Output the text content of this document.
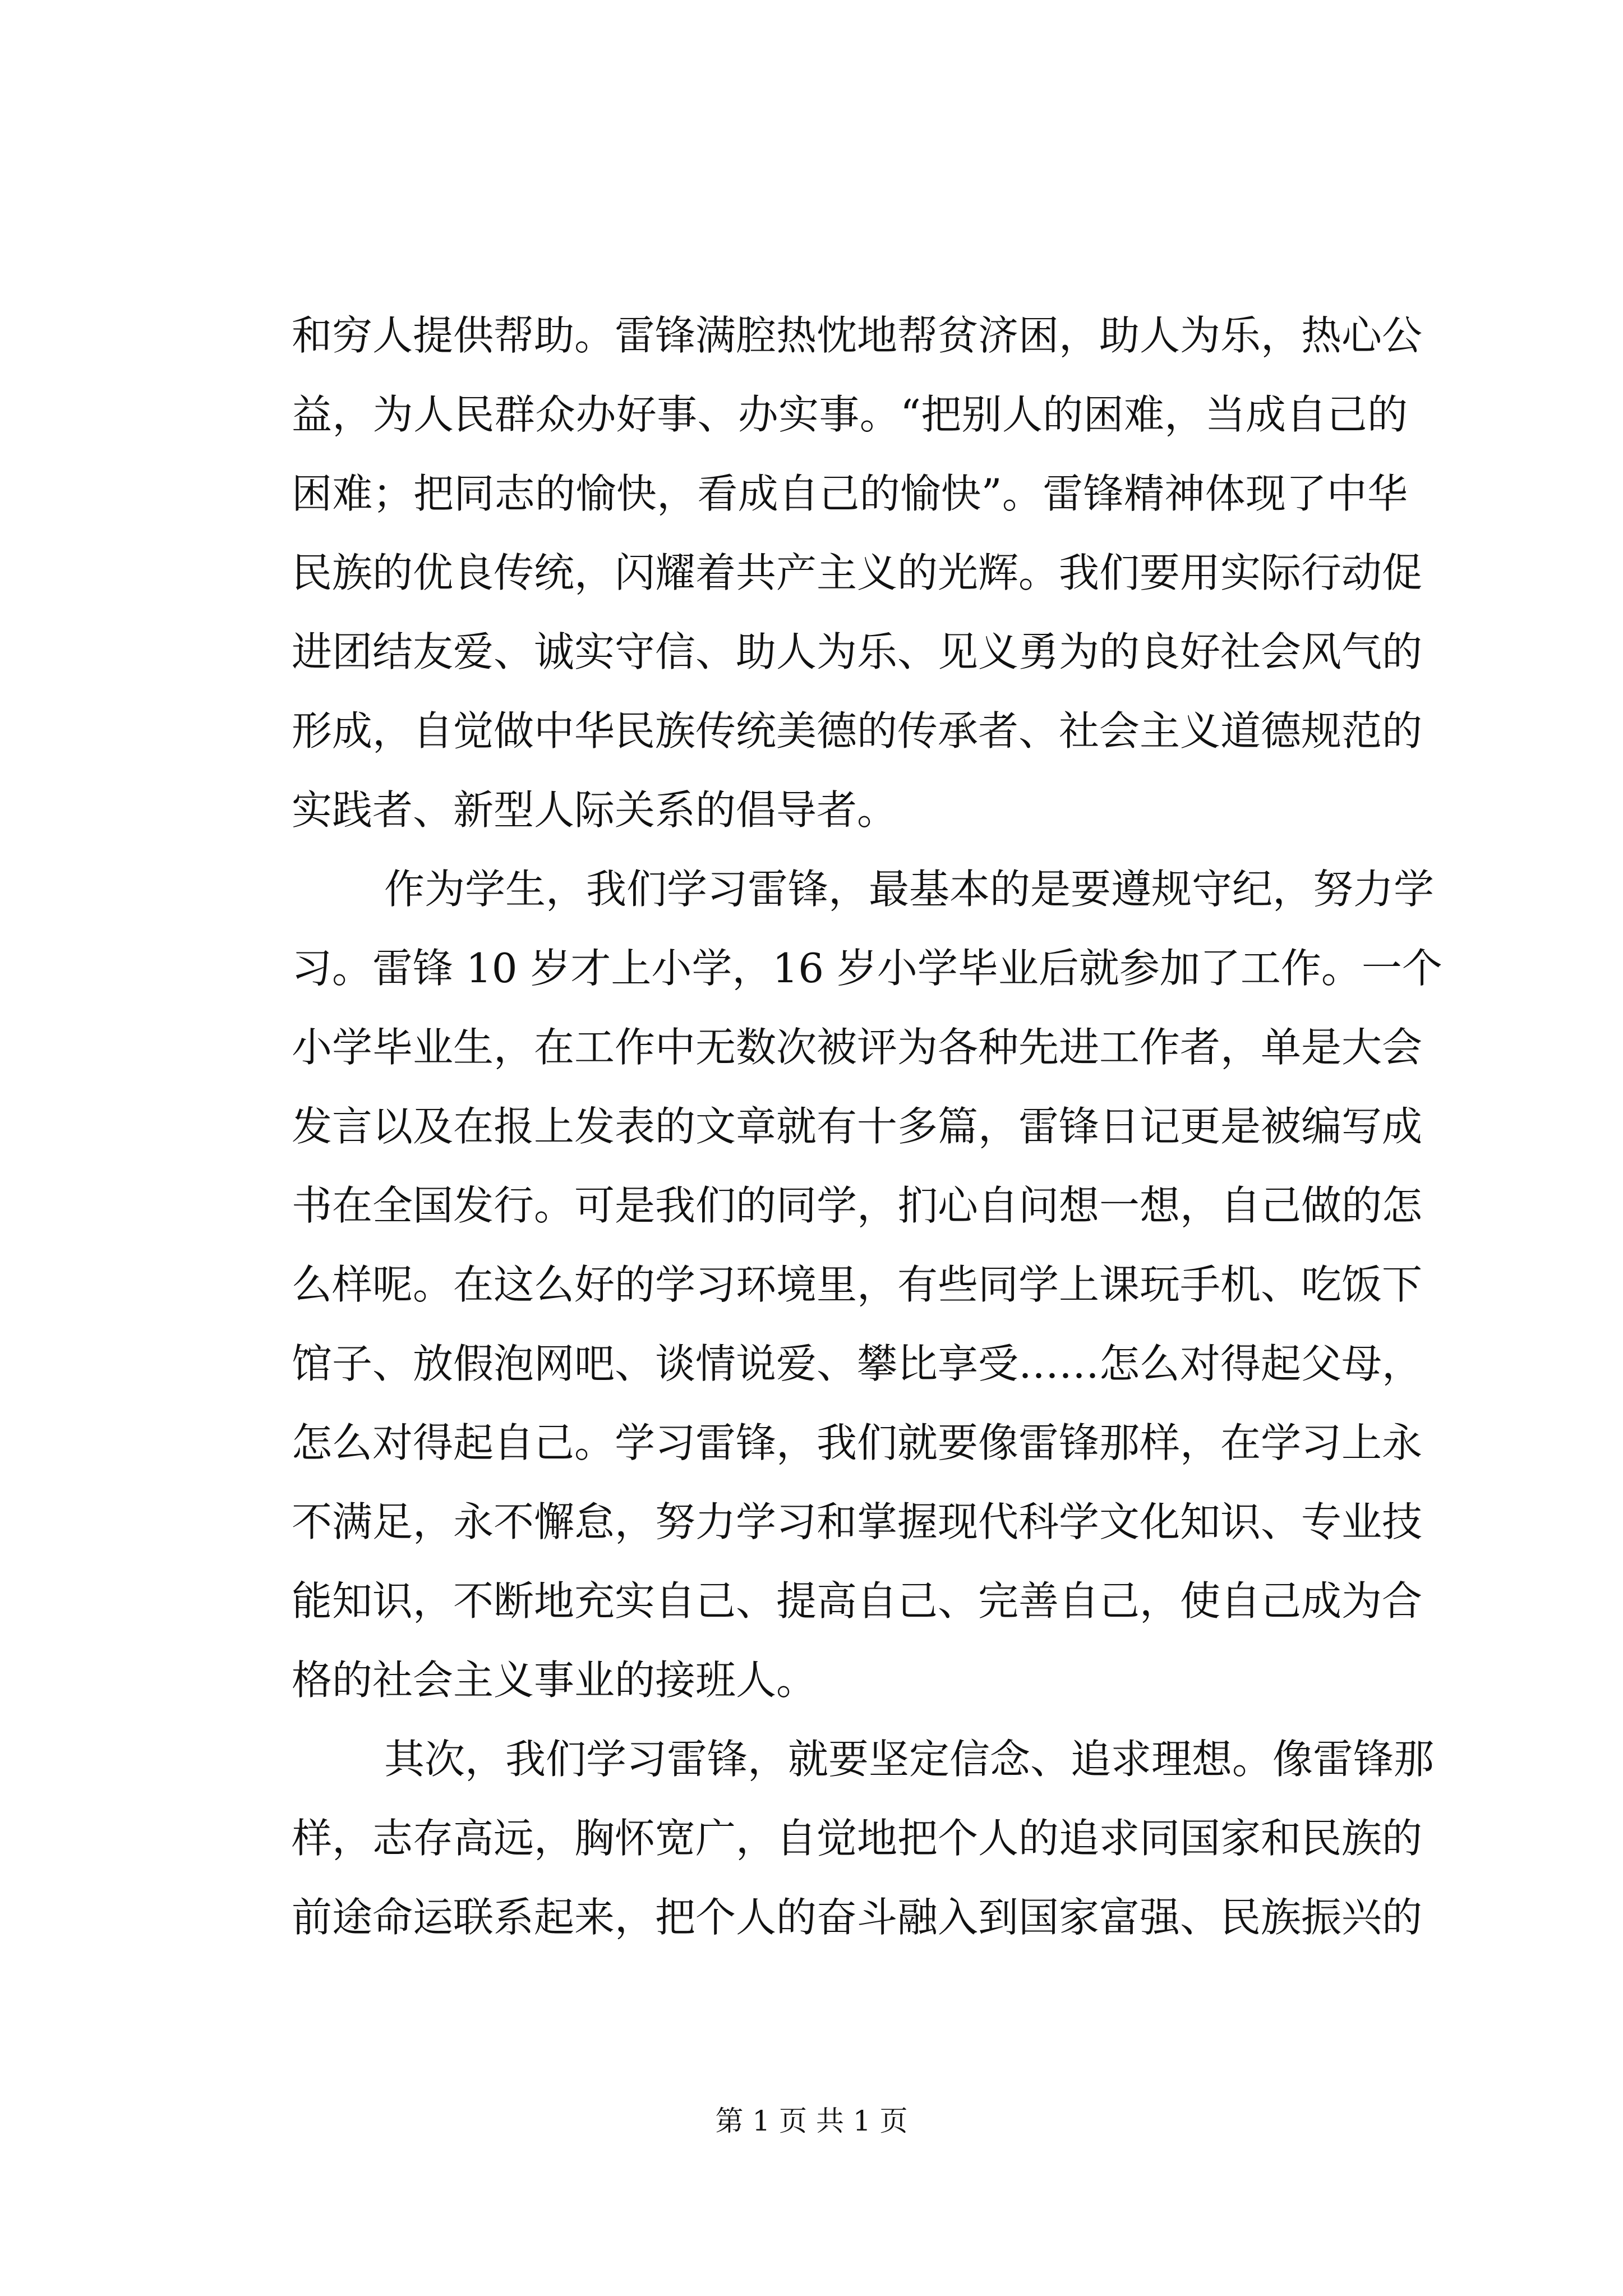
和穷人提供帮助。雷锋满腔热忱地帮贫济困，助人为乐，热心公
益，为人民群众办好事、办实事。“把别人的困难，当成自己的
困难；把同志的愉快，看成自己的愉快”。雷锋精神体现了中华
民族的优良传统，闪耀着共产主义的光辉。我们要用实际行动促
进团结友爱、诚实守信、助人为乐、见义勇为的良好社会风气的
形成，自觉做中华民族传统美德的传承者、社会主义道德规范的
实践者、新型人际关系的倡导者。
作为学生，我们学习雷锋，最基本的是要遵规守纪，努力学
习。雷锋 10 岁才上小学，16 岁小学毕业后就参加了工作。一个
小学毕业生，在工作中无数次被评为各种先进工作者，单是大会
发言以及在报上发表的文章就有十多篇，雷锋日记更是被编写成
书在全国发行。可是我们的同学，扪心自问想一想，自己做的怎
么样呢。在这么好的学习环境里，有些同学上课玩手机、吃饭下
馆子、放假泡网吧、谈情说爱、攀比享受……怎么对得起父母，
怎么对得起自己。学习雷锋，我们就要像雷锋那样，在学习上永
不满足，永不懈怠，努力学习和掌握现代科学文化知识、专业技
能知识，不断地充实自己、提高自己、完善自己，使自己成为合
格的社会主义事业的接班人。
其次，我们学习雷锋，就要坚定信念、追求理想。像雷锋那
样，志存高远，胸怀宽广，自觉地把个人的追求同国家和民族的
前途命运联系起来，把个人的奋斗融入到国家富强、民族振兴的
第 1 页 共 1 页
